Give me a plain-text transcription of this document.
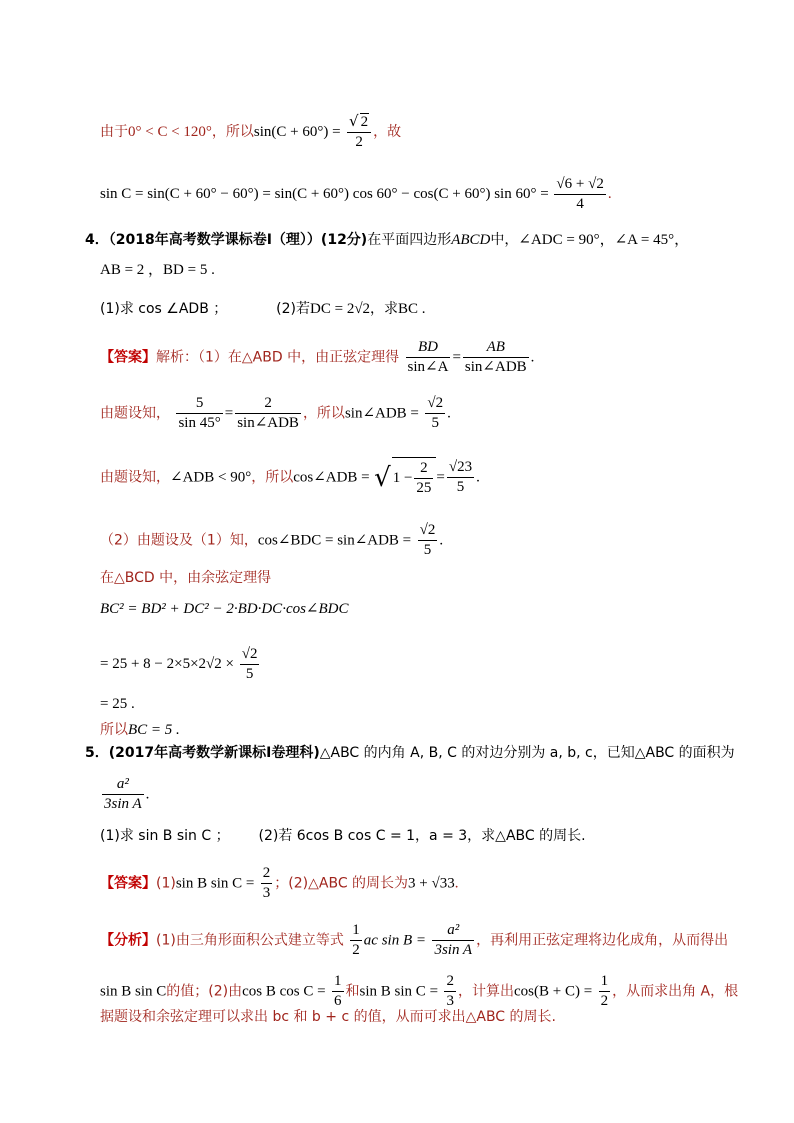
由于0° < C < 120°，所以$\sin(C + 60^\circ) = \frac{√ 2}{2}$ ，故
sin C = sin(C + 60° − 60°) = sin(C + 60°) cos 60° − cos(C + 60°) $\sin 60^\circ = \frac{√6 + √2}{4}$ .
4．（2018年高考数学课标卷Ⅰ（理））(12分)在平面四边形ABCD中，∠ADC = 90°，∠A = 45°，
AB = 2 ，BD = 5 .
(1)求 cos ∠ADB ；	(2)若DC = 2√2，求BC .
【答案】解析：（1）在△ABD 中，由正弦定理得 $\frac{BD}{\sin\angle A} = \frac{AB}{\text{sin∠ADB}}$ .
由题设知， $\frac{5}{\sin 45^\circ} = \frac{2}{\text{sin∠ADB}}$ ，所以sin∠ADB = $\frac{√2}{5}$ .
由题设知，∠ADB < 90°，所以cos∠ADB = √ $1 - \frac{2}{25} = \frac{√23}{5}$ .
（2）由题设及（1）知，cos∠BDC = sin∠ADB = $\frac{√2}{5}$ .
在△BCD 中，由余弦定理得
BC² = BD² + DC² − 2·BD·DC·cos∠BDC
= $25 + 8 - 2\times 5\times 2√2 \times \frac{√2}{5}$
= 25 .
所以BC = 5 .
5．(2017年高考数学新课标Ⅰ卷理科)△ABC 的内角 A, B, C 的对边分别为 a, b, c，已知△ABC 的面积为
$\frac{\text{a²}}{\text{3sin A}}$ .
(1)求 sin B sin C ； (2)若 6cos B cos C = 1，a = 3，求△ABC 的周长.
【答案】(1)sin B $\sin C = \frac{2}{3}$ ；(2)△ABC 的周长为3 + √33.
【分析】(1)由三角形面积公式建立等式 $\frac{1}{2}$ ac $\sin B = \frac{\text{a²}}{\text{3sin A}}$ ，再利用正弦定理将边化成角，从而得出
sin B sin C的值；(2)由cos B $\cos C = \frac{1}{6}$ 和sin B $\sin C = \frac{2}{3}$ ，计算出$\cos(B + C) = \frac{1}{2}$ ，从而求出角 A，根
据题设和余弦定理可以求出 bc 和 b + c 的值，从而可求出△ABC 的周长.
